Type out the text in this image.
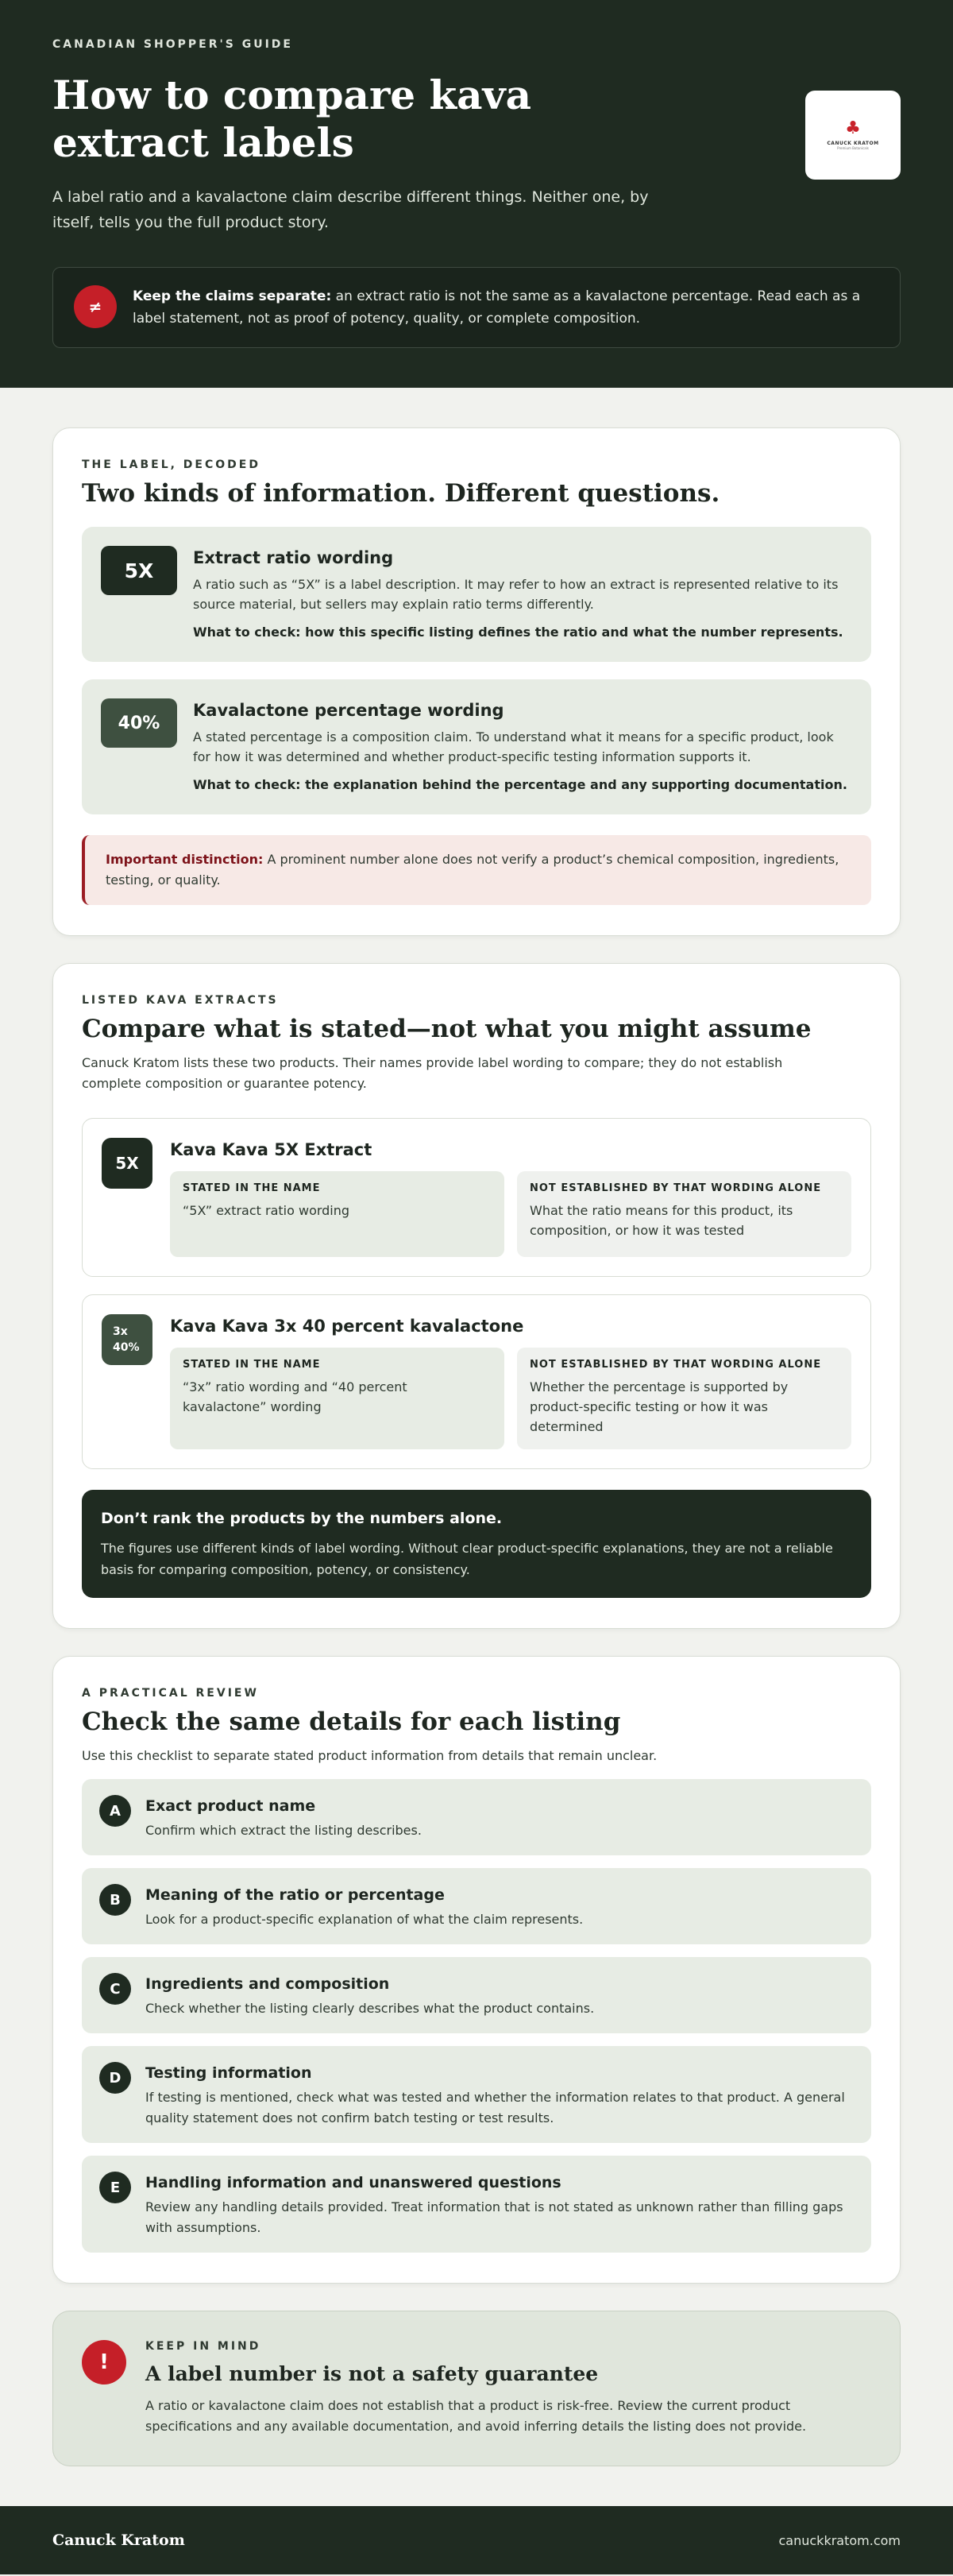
CANADIAN SHOPPER'S GUIDE
How to compare kava extract labels

A label ratio and a kavalactone claim describe different things. Neither one, by itself, tells you the full product story.

♣
CANUCK KRATOM
Premium Botanicals
≠

Keep the claims separate: an extract ratio is not the same as a kavalactone percentage. Read each as a label statement, not as proof of potency, quality, or complete composition.

THE LABEL, DECODED
Two kinds of information. Different questions.
5X
Extract ratio wording

A ratio such as “5X” is a label description. It may refer to how an extract is represented relative to its source material, but sellers may explain ratio terms differently.

What to check: how this specific listing defines the ratio and what the number represents.

40%
Kavalactone percentage wording

A stated percentage is a composition claim. To understand what it means for a specific product, look for how it was determined and whether product-specific testing information supports it.

What to check: the explanation behind the percentage and any supporting documentation.

Important distinction: A prominent number alone does not verify a product’s chemical composition, ingredients, testing, or quality.
LISTED KAVA EXTRACTS
Compare what is stated—not what you might assume

Canuck Kratom lists these two products. Their names provide label wording to compare; they do not establish complete composition or guarantee potency.

5X
Kava Kava 5X Extract
STATED IN THE NAME

“5X” extract ratio wording

NOT ESTABLISHED BY THAT WORDING ALONE

What the ratio means for this product, its composition, or how it was tested

3x
40%
Kava Kava 3x 40 percent kavalactone
STATED IN THE NAME

“3x” ratio wording and “40 percent kavalactone” wording

NOT ESTABLISHED BY THAT WORDING ALONE

Whether the percentage is supported by product-specific testing or how it was determined

Don’t rank the products by the numbers alone.

The figures use different kinds of label wording. Without clear product-specific explanations, they are not a reliable basis for comparing composition, potency, or consistency.

A PRACTICAL REVIEW
Check the same details for each listing

Use this checklist to separate stated product information from details that remain unclear.

A	Exact product name

Confirm which extract the listing describes.

B	Meaning of the ratio or percentage

Look for a product-specific explanation of what the claim represents.

C	Ingredients and composition

Check whether the listing clearly describes what the product contains.

D	Testing information

If testing is mentioned, check what was tested and whether the information relates to that product. A general quality statement does not confirm batch testing or test results.

E	Handling information and unanswered questions

Review any handling details provided. Treat information that is not stated as unknown rather than filling gaps with assumptions.

!
KEEP IN MIND
A label number is not a safety guarantee

A ratio or kavalactone claim does not establish that a product is risk-free. Review the current product specifications and any available documentation, and avoid inferring details the listing does not provide.

Canuck Kratom	canuckkratom.com
